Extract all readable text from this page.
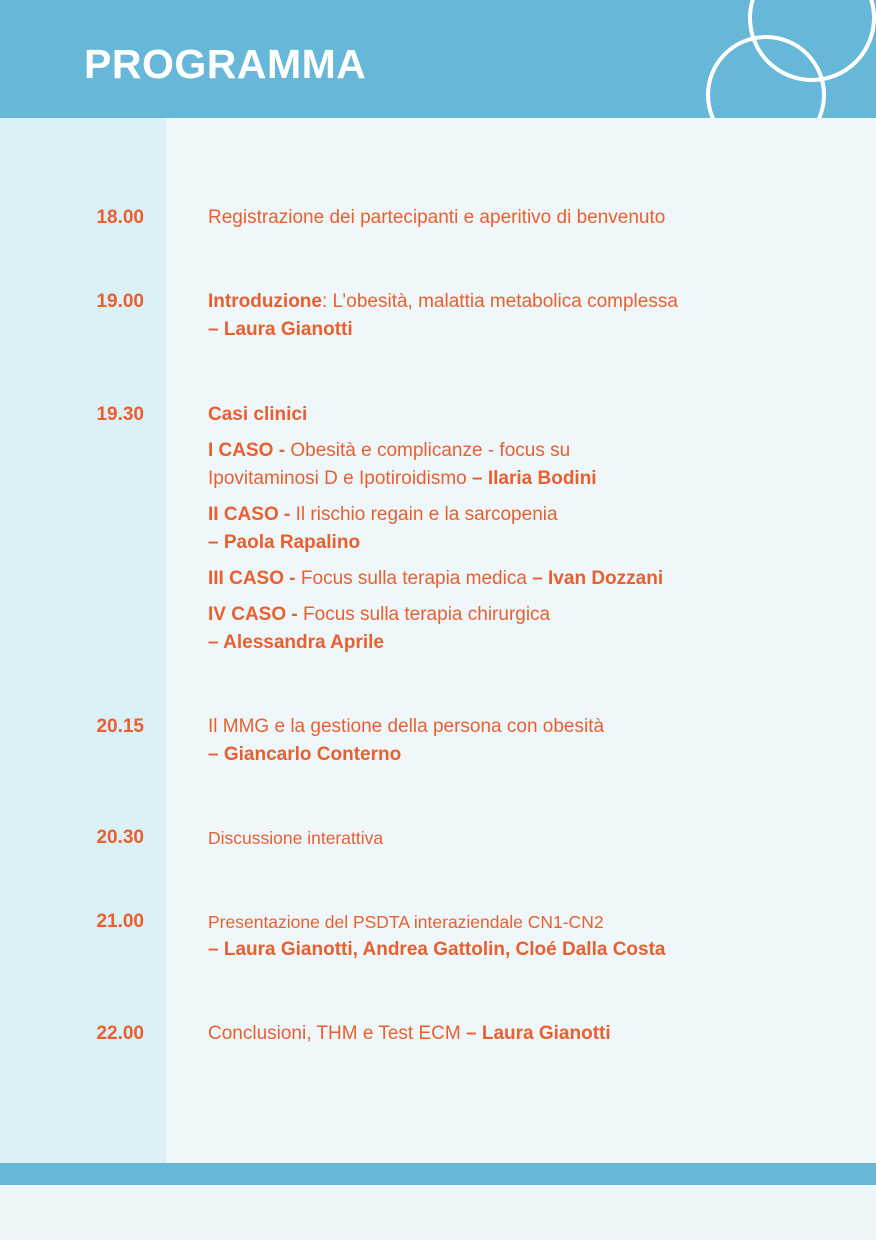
PROGRAMMA
18.00	Registrazione dei partecipanti e aperitivo di benvenuto

19.00	Introduzione: L’obesità, malattia metabolica complessa

– Laura Gianotti

19.30	Casi clinici

I CASO - Obesità e complicanze - focus su

Ipovitaminosi D e Ipotiroidismo – Ilaria Bodini

II CASO - Il rischio regain e la sarcopenia

– Paola Rapalino

III CASO - Focus sulla terapia medica – Ivan Dozzani

IV CASO - Focus sulla terapia chirurgica

– Alessandra Aprile

20.15	Il MMG e la gestione della persona con obesità

– Giancarlo Conterno

20.30	Discussione interattiva

21.00	Presentazione del PSDTA interaziendale CN1-CN2

– Laura Gianotti, Andrea Gattolin, Cloé Dalla Costa

22.00	Conclusioni, THM e Test ECM – Laura Gianotti
